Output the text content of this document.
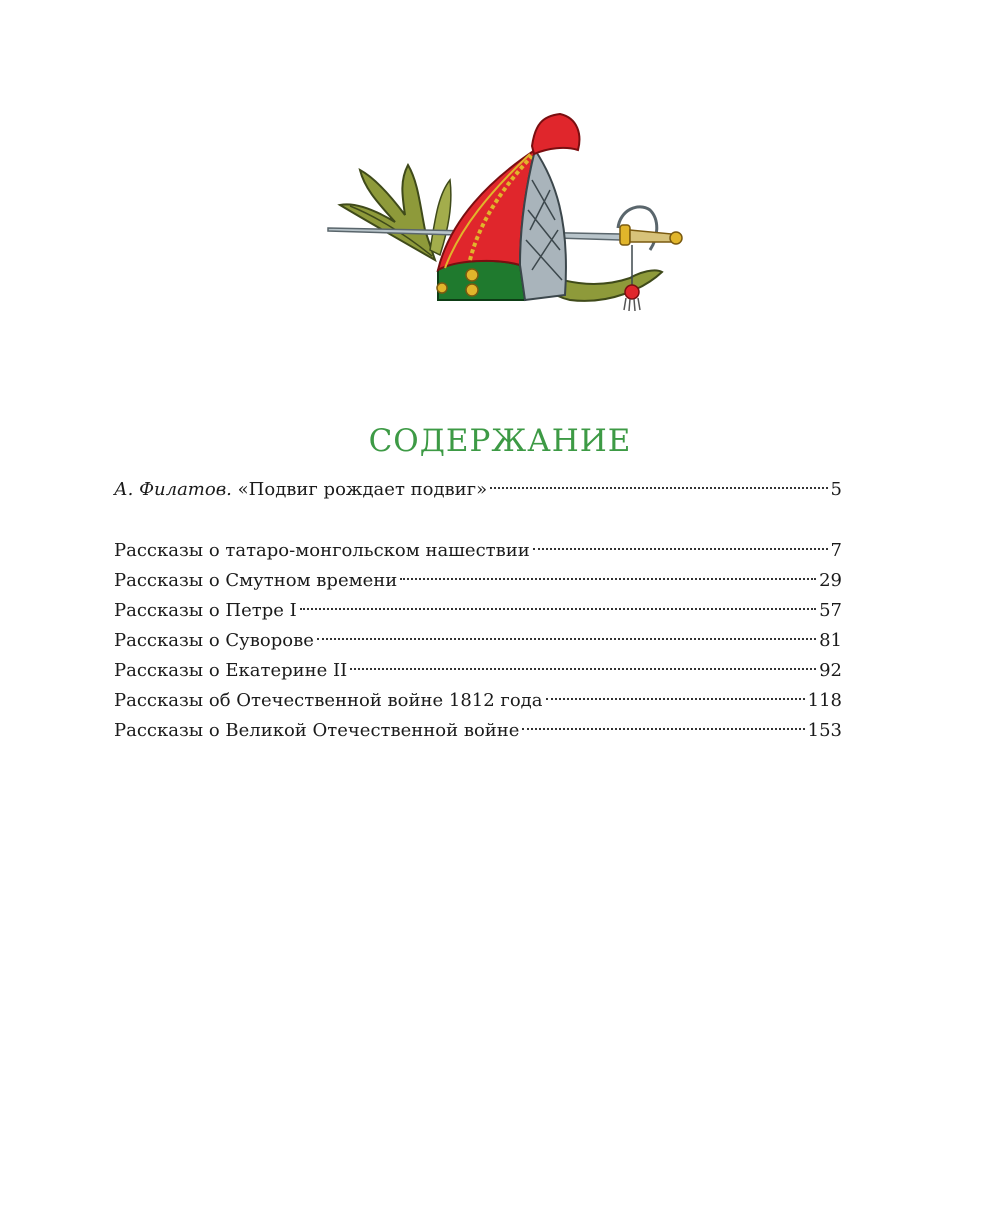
СОДЕРЖАНИЕ
А. Филатов. «Подвиг рождает подвиг»	5
Рассказы о татаро-монгольском нашествии	7
Рассказы о Смутном времени	29
Рассказы о Петре I	57
Рассказы о Суворове	81
Рассказы о Екатерине II	92
Рассказы об Отечественной войне 1812 года	118
Рассказы о Великой Отечественной войне	153
